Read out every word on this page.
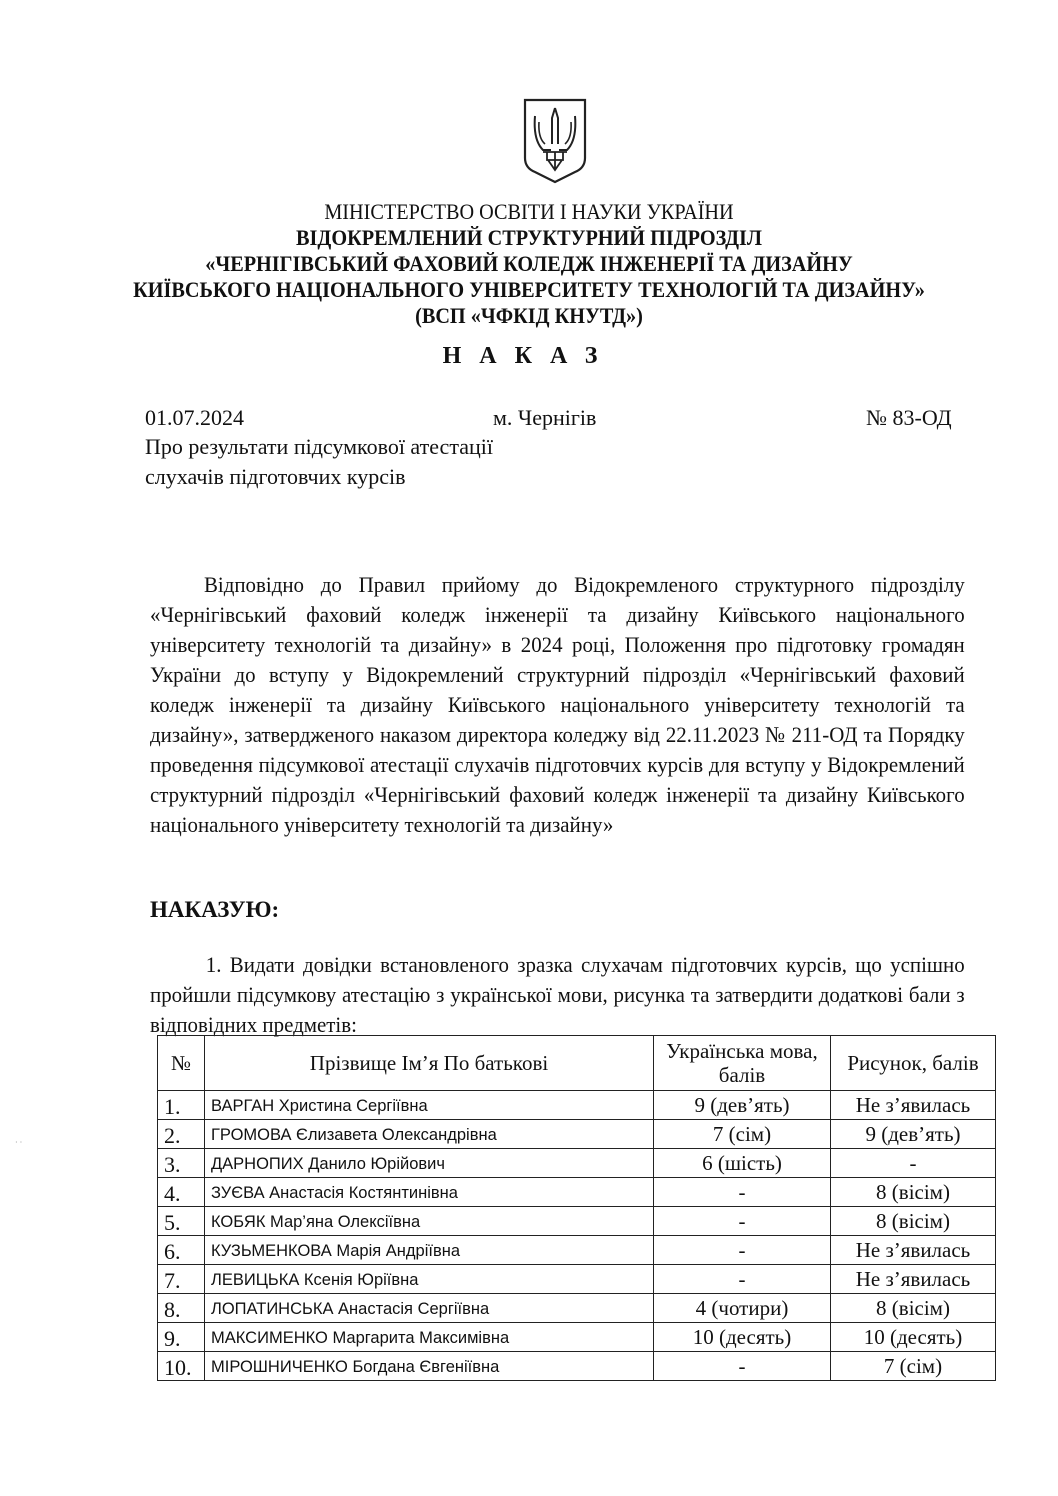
МІНІСТЕРСТВО ОСВІТИ І НАУКИ УКРАЇНИ
ВІДОКРЕМЛЕНИЙ СТРУКТУРНИЙ ПІДРОЗДІЛ
«ЧЕРНІГІВСЬКИЙ ФАХОВИЙ КОЛЕДЖ ІНЖЕНЕРІЇ ТА ДИЗАЙНУ
КИЇВСЬКОГО НАЦІОНАЛЬНОГО УНІВЕРСИТЕТУ ТЕХНОЛОГІЙ ТА ДИЗАЙНУ»
(ВСП «ЧФКІД КНУТД»)
НАКАЗ
01.07.2024	м. Чернігів	№ 83-ОД
Про результати підсумкової атестації слухачів підготовчих курсів
Відповідно до Правил прийому до Відокремленого структурного підрозділу «Чернігівський фаховий коледж інженерії та дизайну Київського національного університету технологій та дизайну» в 2024 році, Положення про підготовку громадян України до вступу у Відокремлений структурний підрозділ «Чернігівський фаховий коледж інженерії та дизайну Київського національного університету технологій та дизайну», затвердженого наказом директора коледжу від 22.11.2023 № 211-ОД та Порядку проведення підсумкової атестації слухачів підготовчих курсів для вступу у Відокремлений структурний підрозділ «Чернігівський фаховий коледж інженерії та дизайну Київського національного університету технологій та дизайну»
НАКАЗУЮ:
1. Видати довідки встановленого зразка слухачам підготовчих курсів, що успішно пройшли підсумкову атестацію з української мови, рисунка та затвердити додаткові бали з відповідних предметів:
№	Прізвище Ім’я По батькові	Українська мова, балів	Рисунок, балів
1.	ВАРГАН Христина Сергіївна	9 (дев’ять)	Не з’явилась
2.	ГРОМОВА Єлизавета Олександрівна	7 (сім)	9 (дев’ять)
3.	ДАРНОПИХ Данило Юрійович	6 (шість)	-
4.	ЗУЄВА Анастасія Костянтинівна	-	8 (вісім)
5.	КОБЯК Мар’яна Олексіївна	-	8 (вісім)
6.	КУЗЬМЕНКОВА Марія Андріївна	-	Не з’явилась
7.	ЛЕВИЦЬКА Ксенія Юріївна	-	Не з’явилась
8.	ЛОПАТИНСЬКА Анастасія Сергіївна	4 (чотири)	8 (вісім)
9.	МАКСИМЕНКО Маргарита Максимівна	10 (десять)	10 (десять)
10.	МІРОШНИЧЕНКО Богдана Євгеніївна	-	7 (сім)
· ·
